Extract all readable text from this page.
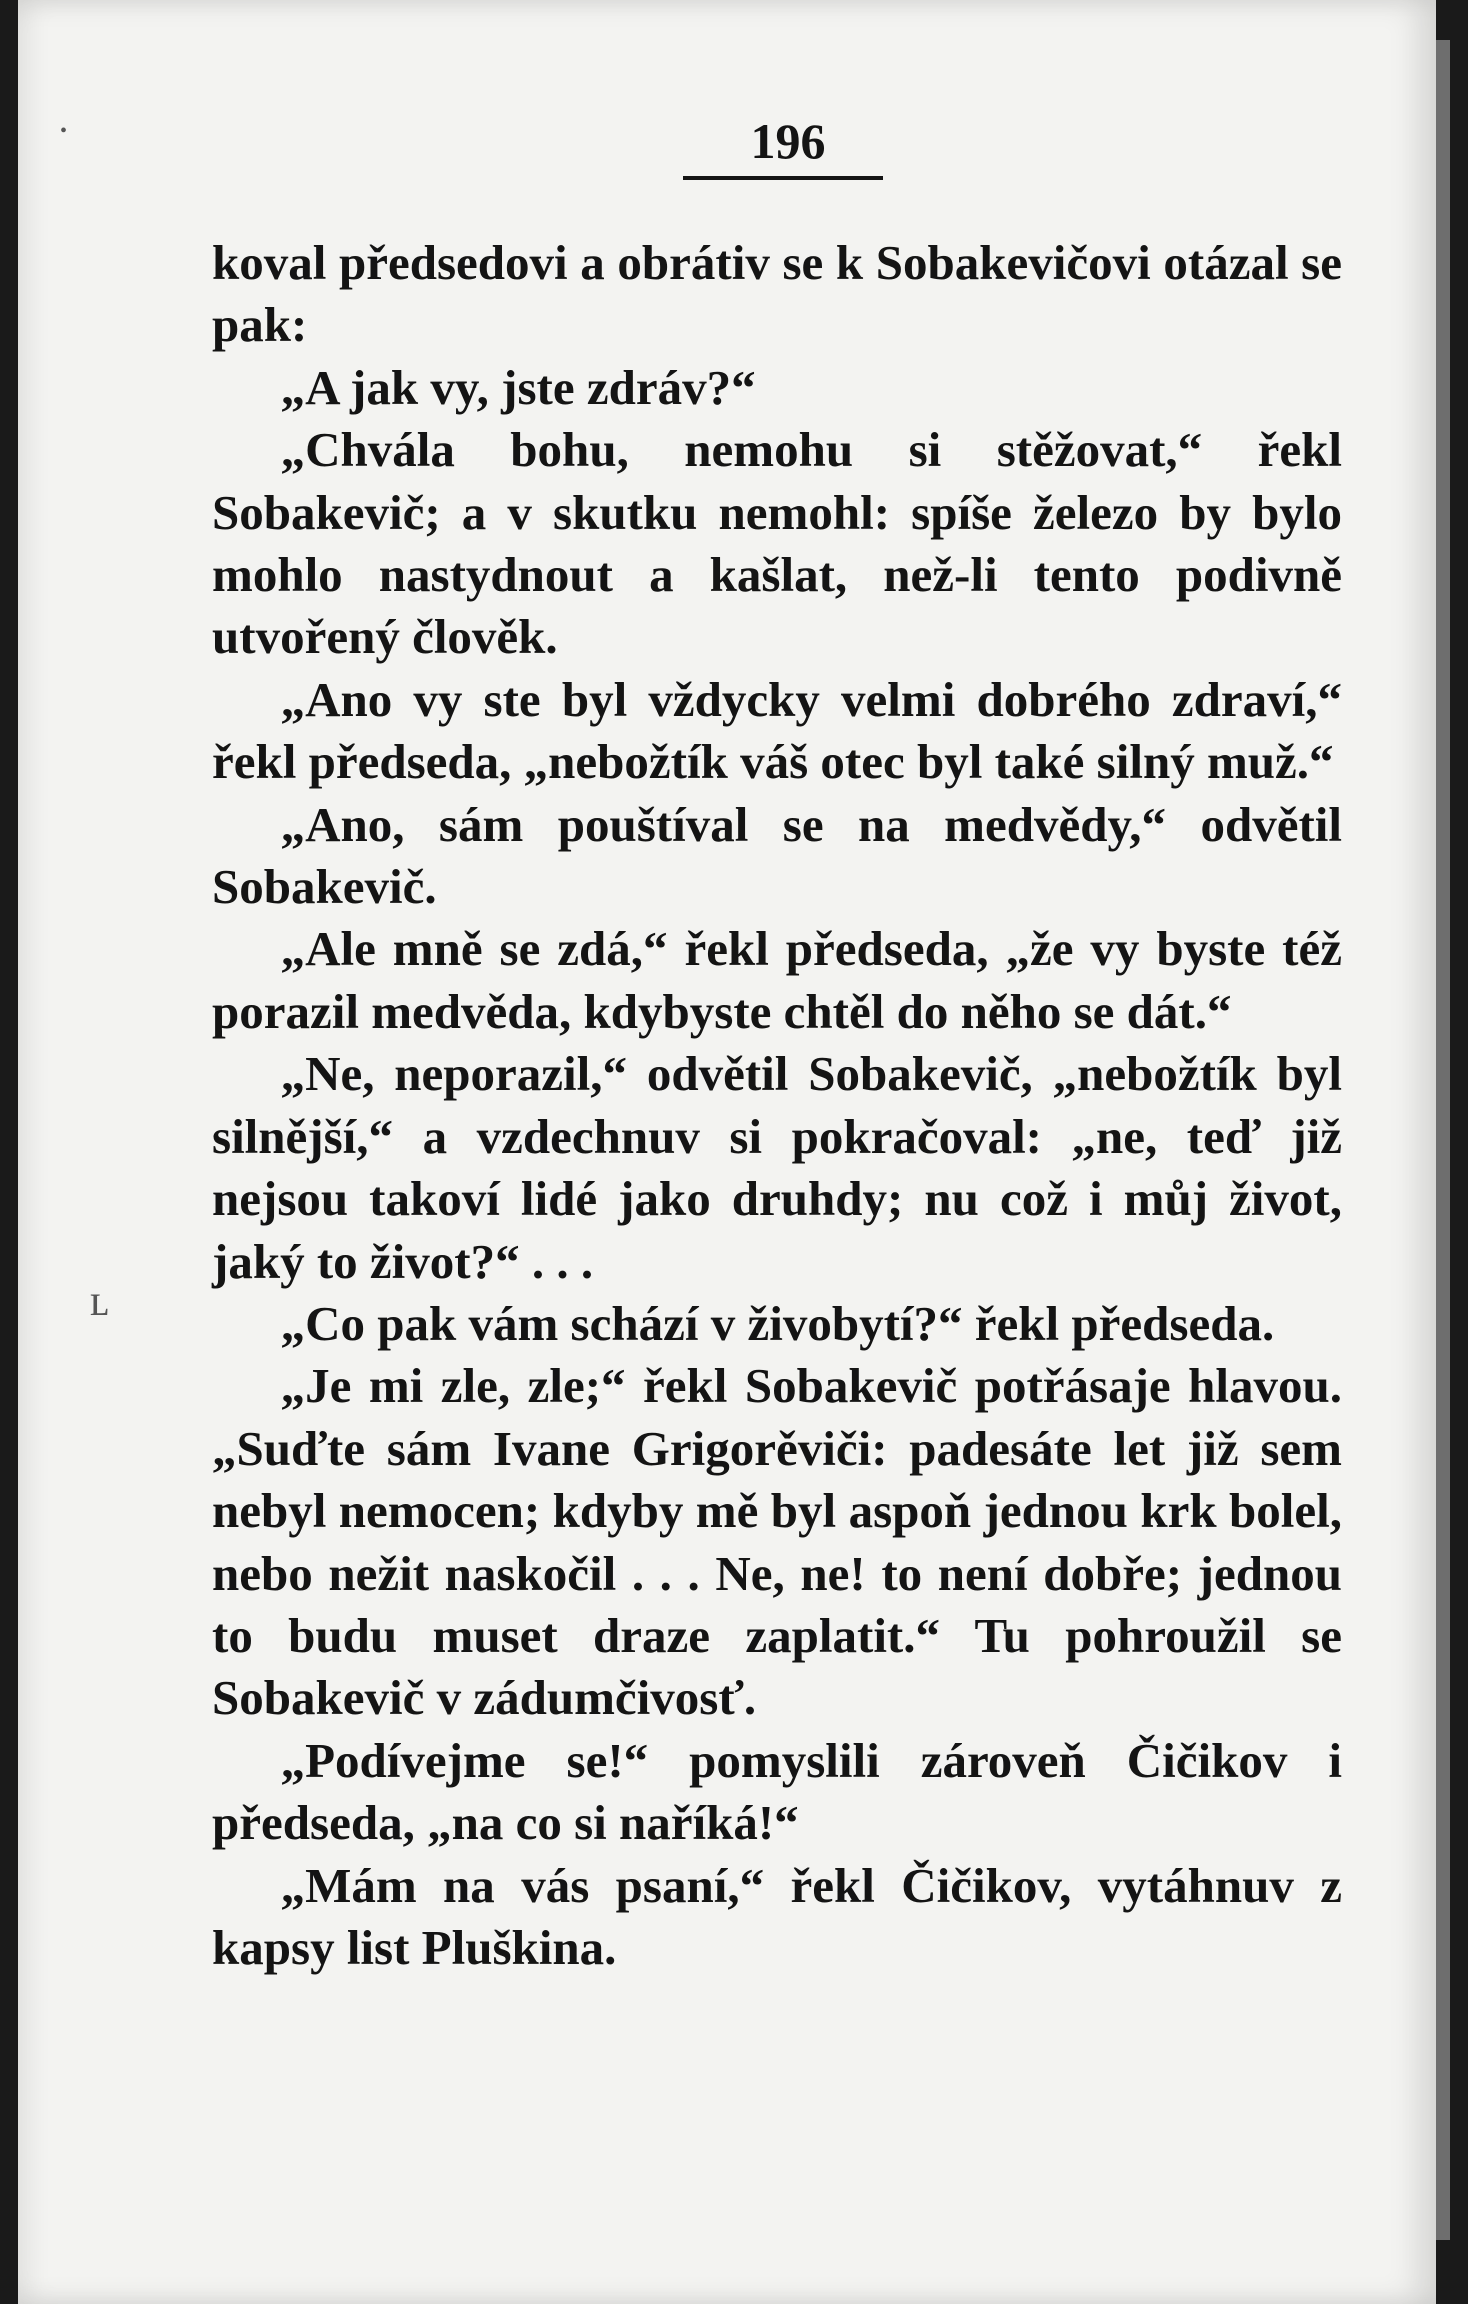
196

koval předsedovi a obrátiv se k Sobakevičovi otázal se pak:

„A jak vy, jste zdráv?“

„Chvála bohu, nemohu si stěžovat,“ řekl Sobakevič; a v skutku nemohl: spíše železo by bylo mohlo nastydnout a kašlat, než-li tento podivně utvořený člověk.

„Ano vy ste byl vždycky velmi dobrého zdraví,“ řekl předseda, „nebožtík váš otec byl také silný muž.“

„Ano, sám pouštíval se na medvědy,“ odvětil Sobakevič.

„Ale mně se zdá,“ řekl předseda, „že vy byste též porazil medvěda, kdybyste chtěl do něho se dát.“

„Ne, neporazil,“ odvětil Sobakevič, „nebožtík byl silnější,“ a vzdechnuv si pokračoval: „ne, teď již nejsou takoví lidé jako druhdy; nu což i můj život, jaký to život?“ . . .

„Co pak vám schází v živobytí?“ řekl předseda.

„Je mi zle, zle;“ řekl Sobakevič potřásaje hlavou. „Suďte sám Ivane Grigorěviči: padesáte let již sem nebyl nemocen; kdyby mě byl aspoň jednou krk bolel, nebo nežit naskočil . . . Ne, ne! to není dobře; jednou to budu muset draze zaplatit.“ Tu pohroužil se Sobakevič v zádumčivosť.

„Podívejme se!“ pomyslili zároveň Čičikov i předseda, „na co si naříká!“

„Mám na vás psaní,“ řekl Čičikov, vytáhnuv z kapsy list Pluškina.

•
ʟ
